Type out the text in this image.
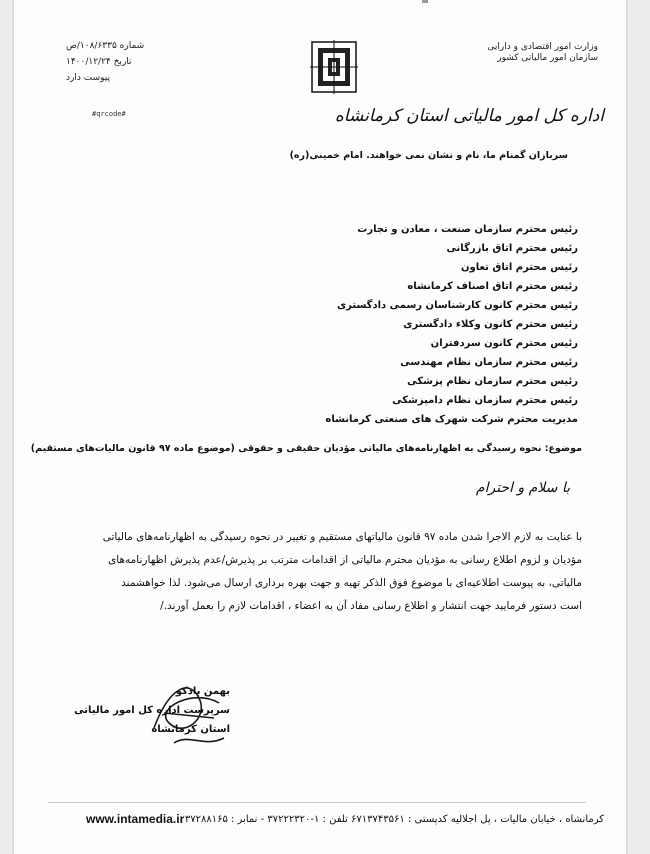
شماره ۱۰۸/۶۳۳۵/ص
تاریخ ۱۴۰۰/۱۲/۲۴
پیوست دارد
#qrcode#
وزارت امور اقتصادی و دارایی
سازمان امور مالیاتی کشور
اداره کل امور مالیاتی استان کرمانشاه
سربازان گمنام ما، نام و نشان نمی خواهند. امام خمینی(ره)
رئیس محترم سازمان صنعت ، معادن و تجارت
رئیس محترم اتاق بازرگانی
رئیس محترم اتاق تعاون
رئیس محترم اتاق اصناف کرمانشاه
رئیس محترم کانون کارشناسان رسمی دادگستری
رئیس محترم کانون وکلاء دادگستری
رئیس محترم کانون سردفتران
رئیس محترم سازمان نظام مهندسی
رئیس محترم سازمان نظام پزشکی
رئیس محترم سازمان نظام دامپزشکی
مدیریت محترم شرکت شهرک های صنعتی کرمانشاه
موضوع: نحوه رسیدگی به اظهارنامه‌های مالیاتی مؤدیان حقیقی و حقوقی (موضوع ماده ۹۷ قانون مالیات‌های مستقیم)
با سلام و احترام
با عنایت به لازم الاجرا شدن ماده ۹۷ قانون مالیاتهای مستقیم و تغییر در نحوه رسیدگی به اظهارنامه‌های مالیاتی
مؤدیان و لزوم اطلاع رسانی به مؤدیان محترم مالیاتی از اقدامات مترتب بر پذیرش/عدم پذیرش اظهارنامه‌های
مالیاتی، به پیوست اطلاعیه‌ای با موضوع فوق الذکر تهیه و جهت بهره برداری ارسال می‌شود. لذا خواهشمند
است دستور فرمایید جهت انتشار و اطلاع رسانی مفاد آن به اعضاء ، اقدامات لازم را بعمل آورند./
بهمن بادکو
سرپرست اداره کل امور مالیاتی
استان کرمانشاه
کرمانشاه ، خیابان مالیات ، پل اجلالیه کدپستی : ۶۷۱۳۷۴۳۵۶۱ تلفن : ۱-۳۷۲۲۲۳۲۰ - نمابر : ۳۷۲۸۸۱۶۵
www.intamedia.ir
